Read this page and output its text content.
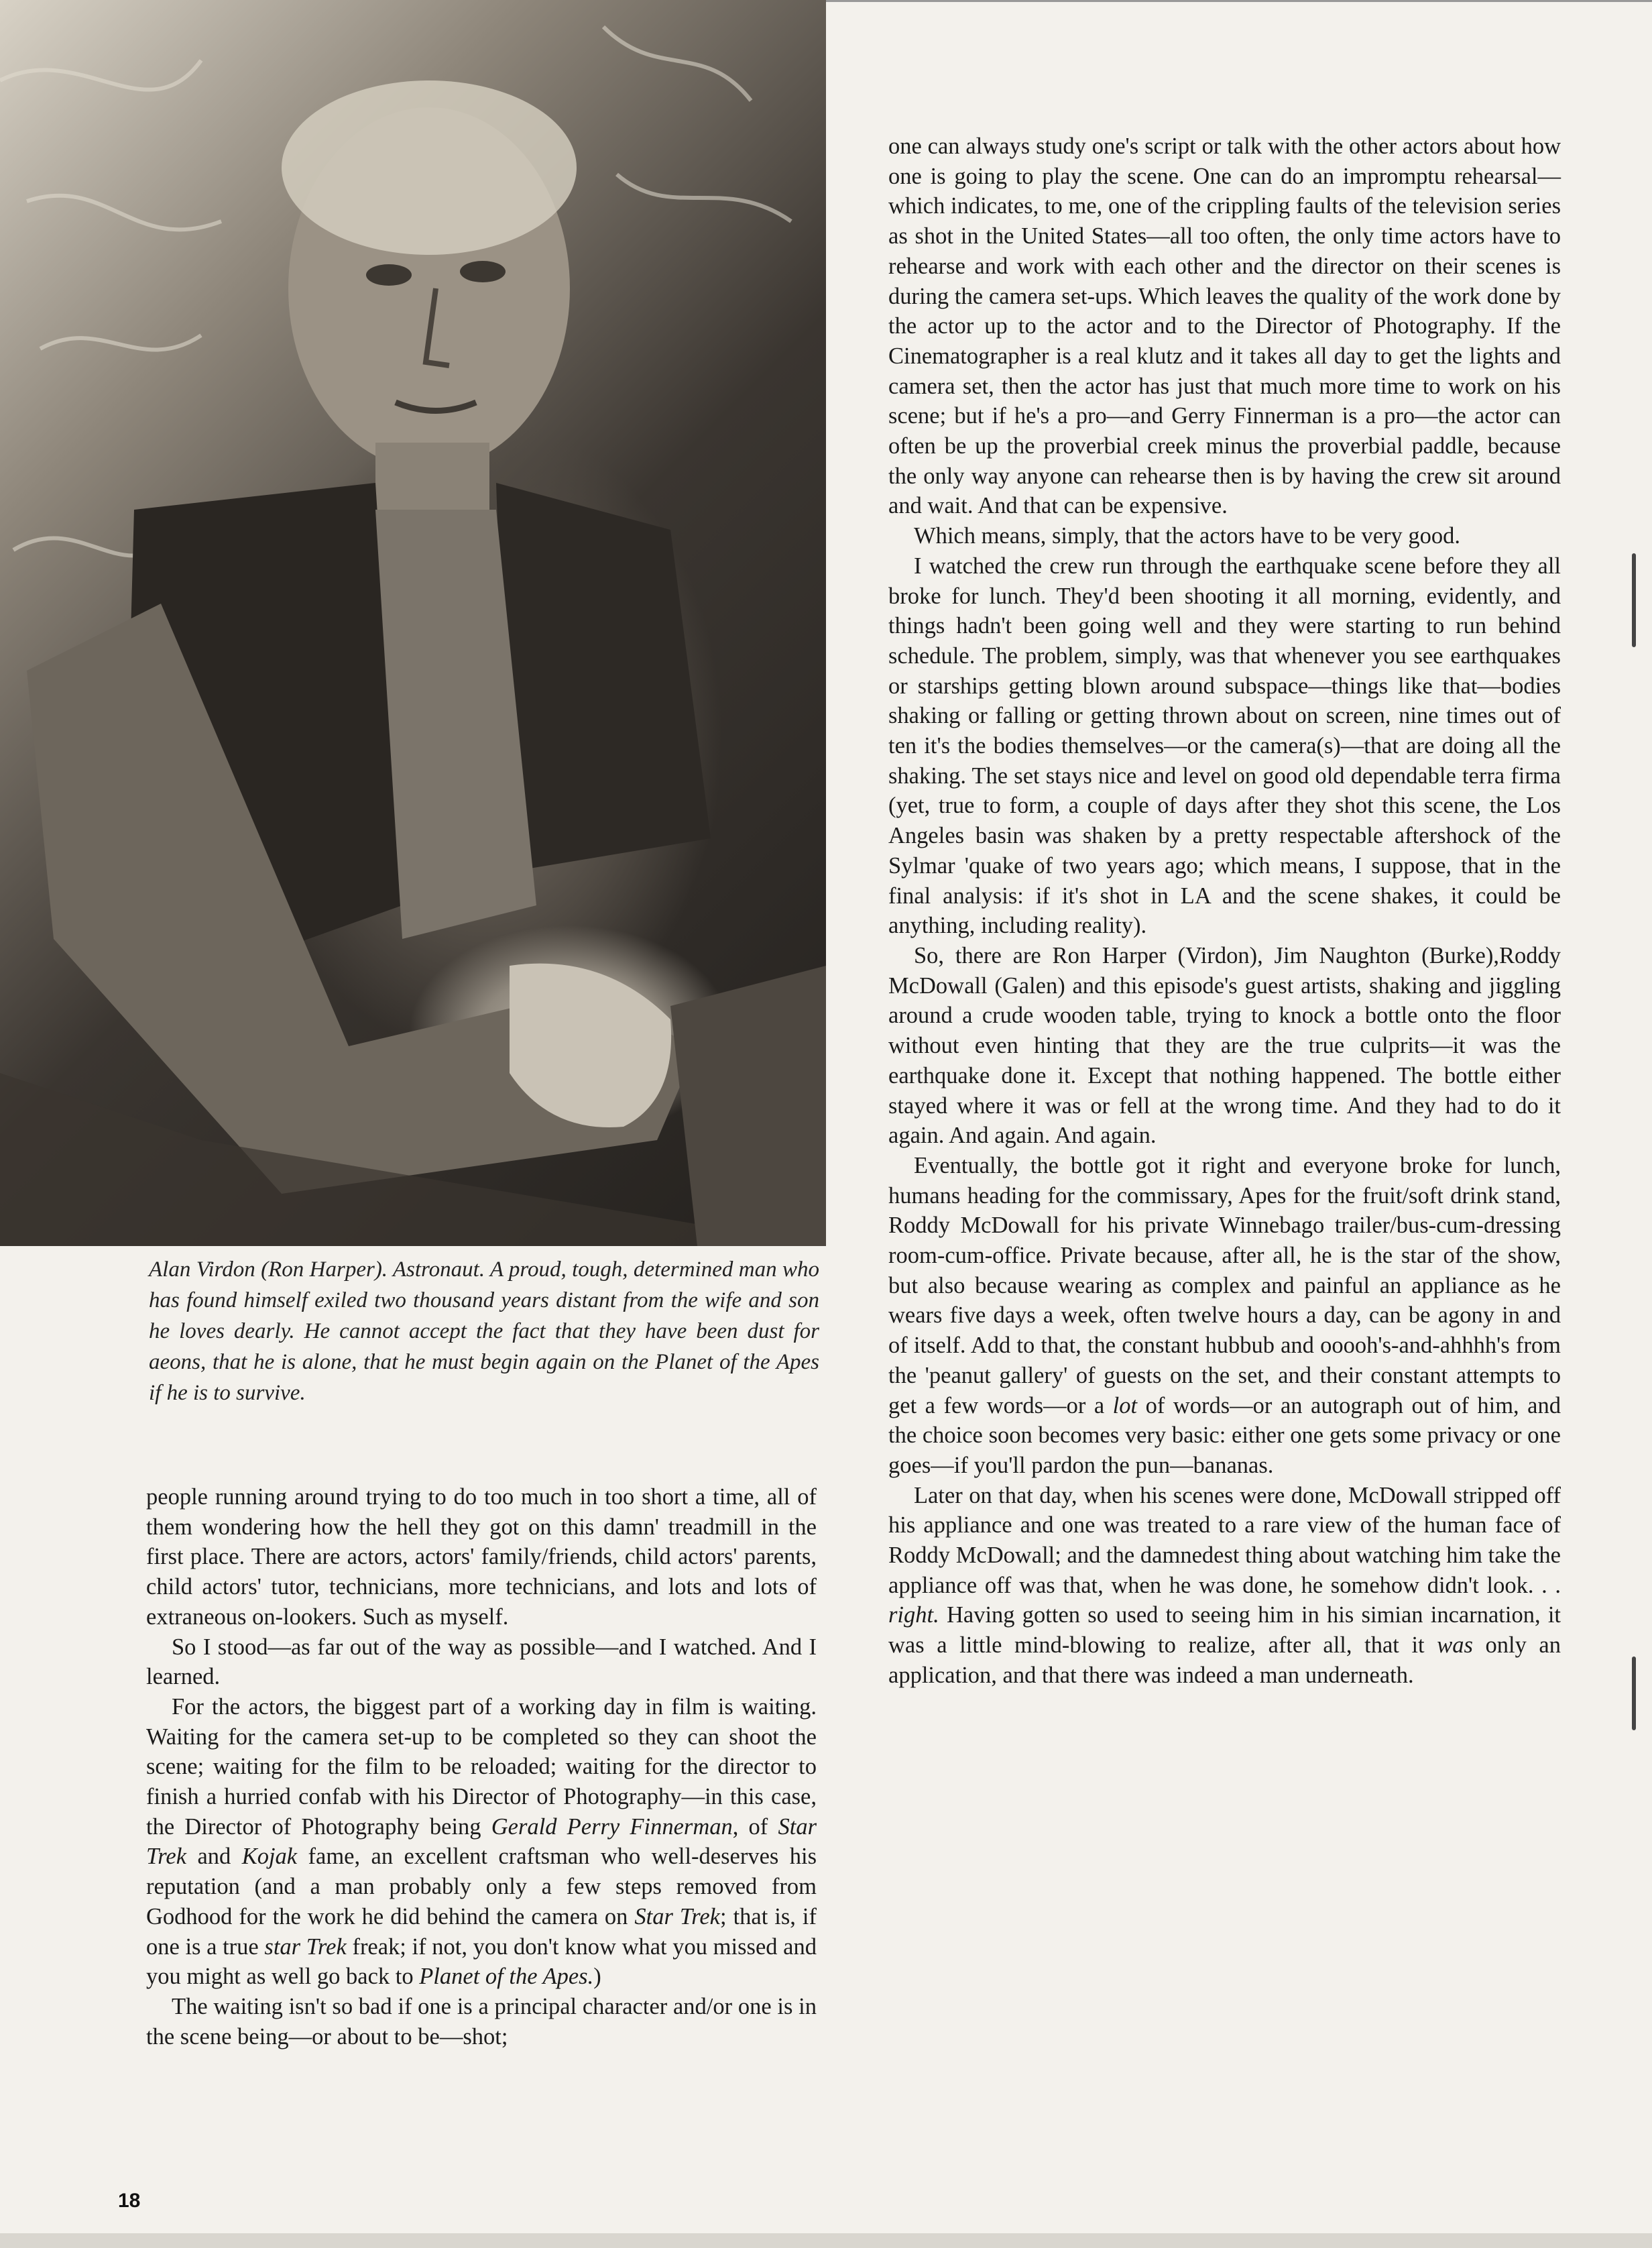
Alan Virdon (Ron Harper). Astronaut. A proud, tough, determined man who has found himself exiled two thousand years distant from the wife and son he loves dearly. He cannot accept the fact that they have been dust for aeons, that he is alone, that he must begin again on the Planet of the Apes if he is to survive.

people running around trying to do too much in too short a time, all of them wondering how the hell they got on this damn' treadmill in the first place. There are actors, actors' family/friends, child actors' parents, child actors' tutor, technicians, more technicians, and lots and lots of extraneous on-lookers. Such as myself.

So I stood—as far out of the way as possible—and I watched. And I learned.

For the actors, the biggest part of a working day in film is waiting. Waiting for the camera set-up to be completed so they can shoot the scene; waiting for the film to be reloaded; waiting for the director to finish a hurried confab with his Director of Photography—in this case, the Director of Photography being Gerald Perry Finnerman, of Star Trek and Kojak fame, an excellent craftsman who well-deserves his reputation (and a man probably only a few steps removed from Godhood for the work he did behind the camera on Star Trek; that is, if one is a true star Trek freak; if not, you don't know what you missed and you might as well go back to Planet of the Apes.)

The waiting isn't so bad if one is a principal character and/or one is in the scene being—or about to be—shot;

one can always study one's script or talk with the other actors about how one is going to play the scene. One can do an impromptu rehearsal—which indicates, to me, one of the crippling faults of the television series as shot in the United States—all too often, the only time actors have to rehearse and work with each other and the director on their scenes is during the camera set-ups. Which leaves the quality of the work done by the actor up to the actor and to the Director of Photography. If the Cinematographer is a real klutz and it takes all day to get the lights and camera set, then the actor has just that much more time to work on his scene; but if he's a pro—and Gerry Finnerman is a pro—the actor can often be up the proverbial creek minus the proverbial paddle, because the only way anyone can rehearse then is by having the crew sit around and wait. And that can be expensive.

Which means, simply, that the actors have to be very good.

I watched the crew run through the earthquake scene before they all broke for lunch. They'd been shooting it all morning, evidently, and things hadn't been going well and they were starting to run behind schedule. The problem, simply, was that whenever you see earthquakes or starships getting blown around subspace—things like that—bodies shaking or falling or getting thrown about on screen, nine times out of ten it's the bodies themselves—or the camera(s)—that are doing all the shaking. The set stays nice and level on good old dependable terra firma (yet, true to form, a couple of days after they shot this scene, the Los Angeles basin was shaken by a pretty respectable aftershock of the Sylmar 'quake of two years ago; which means, I suppose, that in the final analysis: if it's shot in LA and the scene shakes, it could be anything, including reality).

So, there are Ron Harper (Virdon), Jim Naughton (Burke),Roddy McDowall (Galen) and this episode's guest artists, shaking and jiggling around a crude wooden table, trying to knock a bottle onto the floor without even hinting that they are the true culprits—it was the earthquake done it. Except that nothing happened. The bottle either stayed where it was or fell at the wrong time. And they had to do it again. And again. And again.

Eventually, the bottle got it right and everyone broke for lunch, humans heading for the commissary, Apes for the fruit/soft drink stand, Roddy McDowall for his private Winnebago trailer/bus-cum-dressing room-cum-office. Private because, after all, he is the star of the show, but also because wearing as complex and painful an appliance as he wears five days a week, often twelve hours a day, can be agony in and of itself. Add to that, the constant hubbub and ooooh's-and-ahhhh's from the 'peanut gallery' of guests on the set, and their constant attempts to get a few words—or a lot of words—or an autograph out of him, and the choice soon becomes very basic: either one gets some privacy or one goes—if you'll pardon the pun—bananas.

Later on that day, when his scenes were done, McDowall stripped off his appliance and one was treated to a rare view of the human face of Roddy McDowall; and the damnedest thing about watching him take the appliance off was that, when he was done, he somehow didn't look. . . right. Having gotten so used to seeing him in his simian incarnation, it was a little mind-blowing to realize, after all, that it was only an application, and that there was indeed a man underneath.

18
